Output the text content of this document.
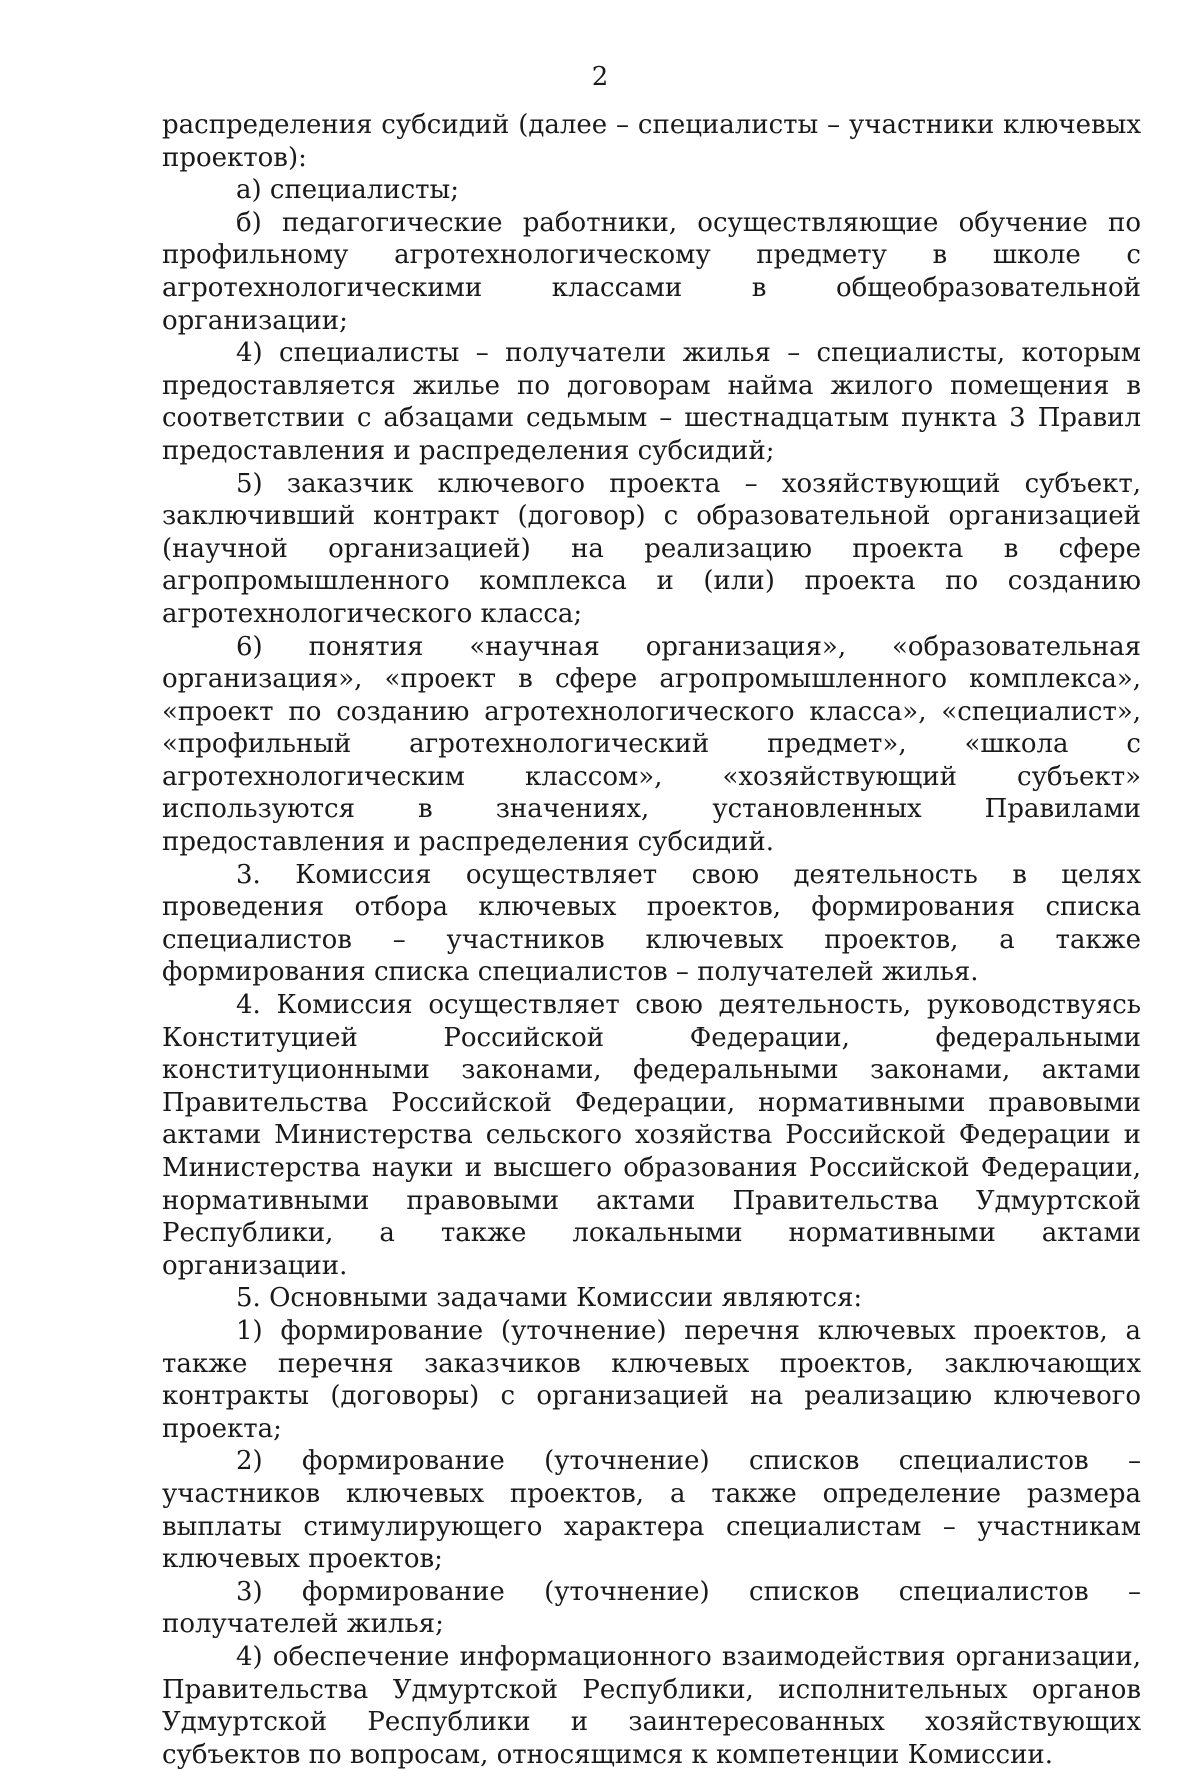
2

распределения субсидий (далее – специалисты – участники ключевых проектов):

а) специалисты;

б) педагогические работники, осуществляющие обучение по профильному агротехнологическому предмету в школе с агротехнологическими классами в общеобразовательной организации;

4) специалисты – получатели жилья – специалисты, которым предоставляется жилье по договорам найма жилого помещения в соответствии с абзацами седьмым – шестнадцатым пункта 3 Правил предоставления и распределения субсидий;

5) заказчик ключевого проекта – хозяйствующий субъект, заключивший контракт (договор) с образовательной организацией (научной организацией) на реализацию проекта в сфере агропромышленного комплекса и (или) проекта по созданию агротехнологического класса;

6) понятия «научная организация», «образовательная организация», «проект в сфере агропромышленного комплекса», «проект по созданию агротехнологического класса», «специалист», «профильный агротехнологический предмет», «школа с агротехнологическим классом», «хозяйствующий субъект» используются в значениях, установленных Правилами предоставления и распределения субсидий.

3. Комиссия осуществляет свою деятельность в целях проведения отбора ключевых проектов, формирования списка специалистов – участников ключевых проектов, а также формирования списка специалистов – получателей жилья.

4. Комиссия осуществляет свою деятельность, руководствуясь Конституцией Российской Федерации, федеральными конституционными законами, федеральными законами, актами Правительства Российской Федерации, нормативными правовыми актами Министерства сельского хозяйства Российской Федерации и Министерства науки и высшего образования Российской Федерации, нормативными правовыми актами Правительства Удмуртской Республики, а также локальными нормативными актами организации.

5. Основными задачами Комиссии являются:

1) формирование (уточнение) перечня ключевых проектов, а также перечня заказчиков ключевых проектов, заключающих контракты (договоры) с организацией на реализацию ключевого проекта;

2) формирование (уточнение) списков специалистов – участников ключевых проектов, а также определение размера выплаты стимулирующего характера специалистам – участникам ключевых проектов;

3) формирование (уточнение) списков специалистов – получателей жилья;

4) обеспечение информационного взаимодействия организации, Правительства Удмуртской Республики, исполнительных органов Удмуртской Республики и заинтересованных хозяйствующих субъектов по вопросам, относящимся к компетенции Комиссии.
